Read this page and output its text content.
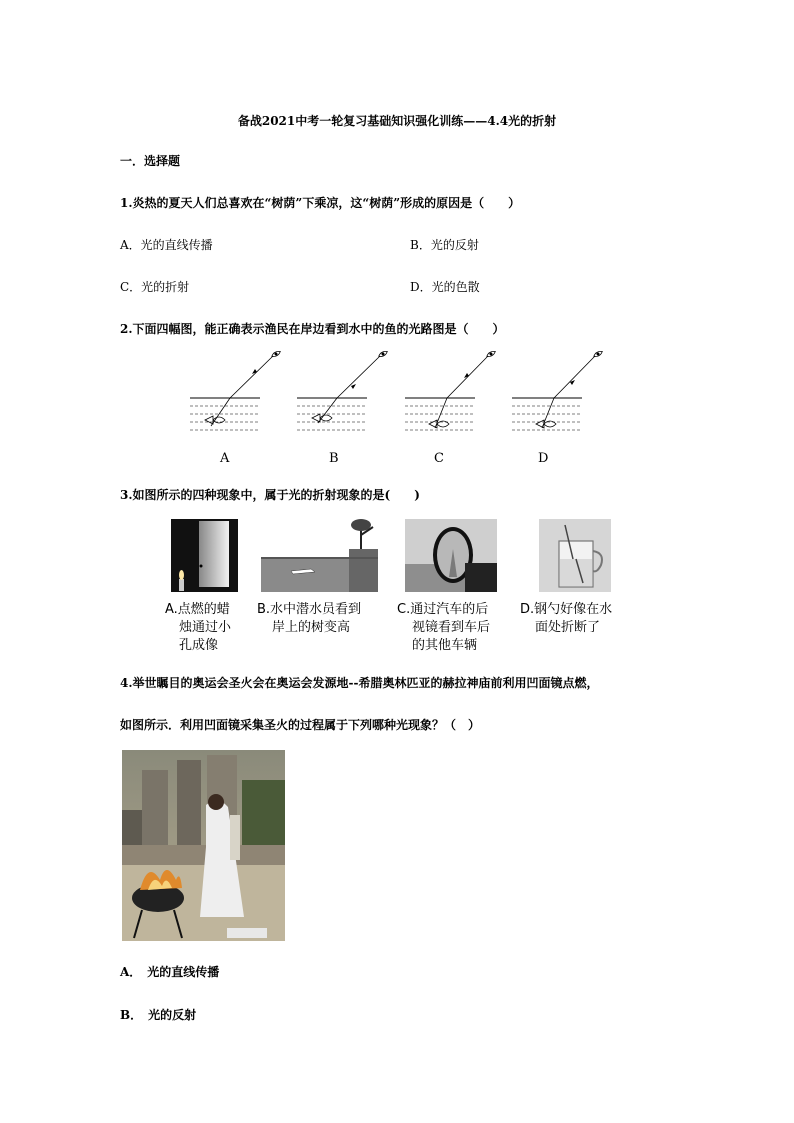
备战2021中考一轮复习基础知识强化训练——4.4光的折射
一．选择题
1.炎热的夏天人们总喜欢在“树荫”下乘凉，这“树荫”形成的原因是（　　）
A．光的直线传播	B．光的反射
C．光的折射	D．光的色散
2.下面四幅图，能正确表示渔民在岸边看到水中的鱼的光路图是（　　）
A	B	C	D
3.如图所示的四种现象中，属于光的折射现象的是(　　)
A.点燃的蜡
烛通过小
孔成像
B.水中潜水员看到
岸上的树变高
C.通过汽车的后
视镜看到车后
的其他车辆
D.钢勺好像在水
面处折断了
4.举世瞩目的奥运会圣火会在奥运会发源地--希腊奥林匹亚的赫拉神庙前利用凹面镜点燃，
如图所示．利用凹面镜采集圣火的过程属于下列哪种光现象？（　）
A．　光的直线传播
B．　光的反射
